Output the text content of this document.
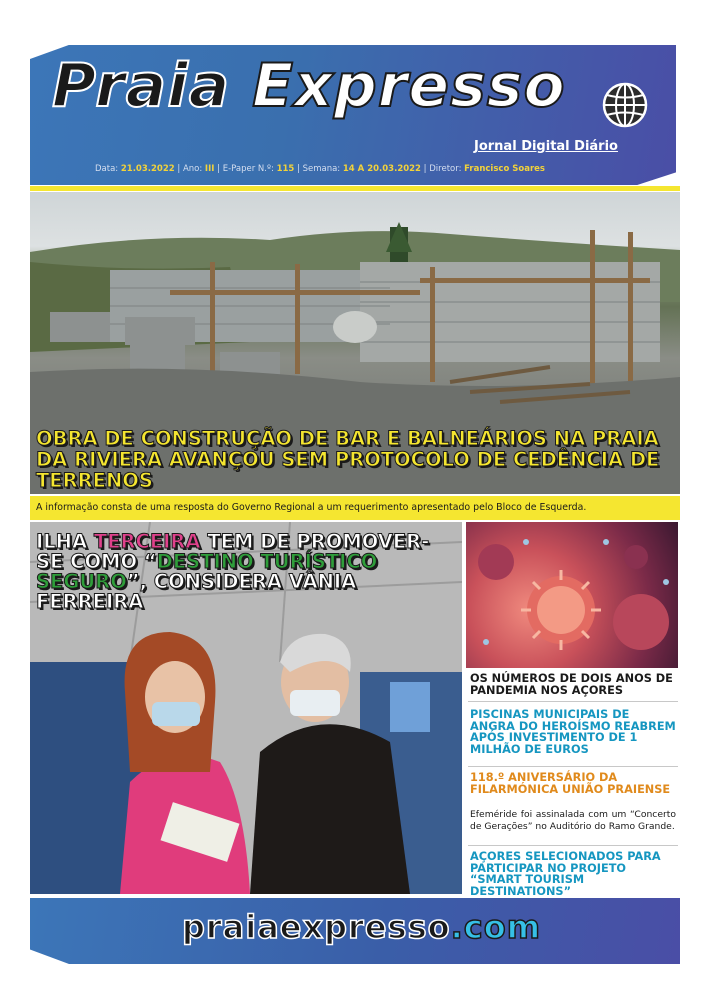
Praia Expresso
Jornal Digital Diário
Data: 21.03.2022 | Ano: III | E-Paper N.º: 115 | Semana: 14 A 20.03.2022 | Diretor: Francisco Soares
OBRA DE CONSTRUÇÃO DE BAR E BALNEÁRIOS NA PRAIA DA RIVIERA AVANÇOU SEM PROTOCOLO DE CEDÊNCIA DE TERRENOS
A informação consta de uma resposta do Governo Regional a um requerimento apresentado pelo Bloco de Esquerda.
ILHA TERCEIRA TEM DE PROMOVER-SE COMO “DESTINO TURÍSTICO SEGURO”, CONSIDERA VÂNIA FERREIRA
OS NÚMEROS DE DOIS ANOS DE PANDEMIA NOS AÇORES
PISCINAS MUNICIPAIS DE ANGRA DO HEROÍSMO REABREM APÓS INVESTIMENTO DE 1 MILHÃO DE EUROS
118.º ANIVERSÁRIO DA FILARMÓNICA UNIÃO PRAIENSE
Efeméride foi assinalada com um “Concerto de Gerações” no Auditório do Ramo Grande.
AÇORES SELECIONADOS PARA PARTICIPAR NO PROJETO “SMART TOURISM DESTINATIONS”
praiaexpresso.com
